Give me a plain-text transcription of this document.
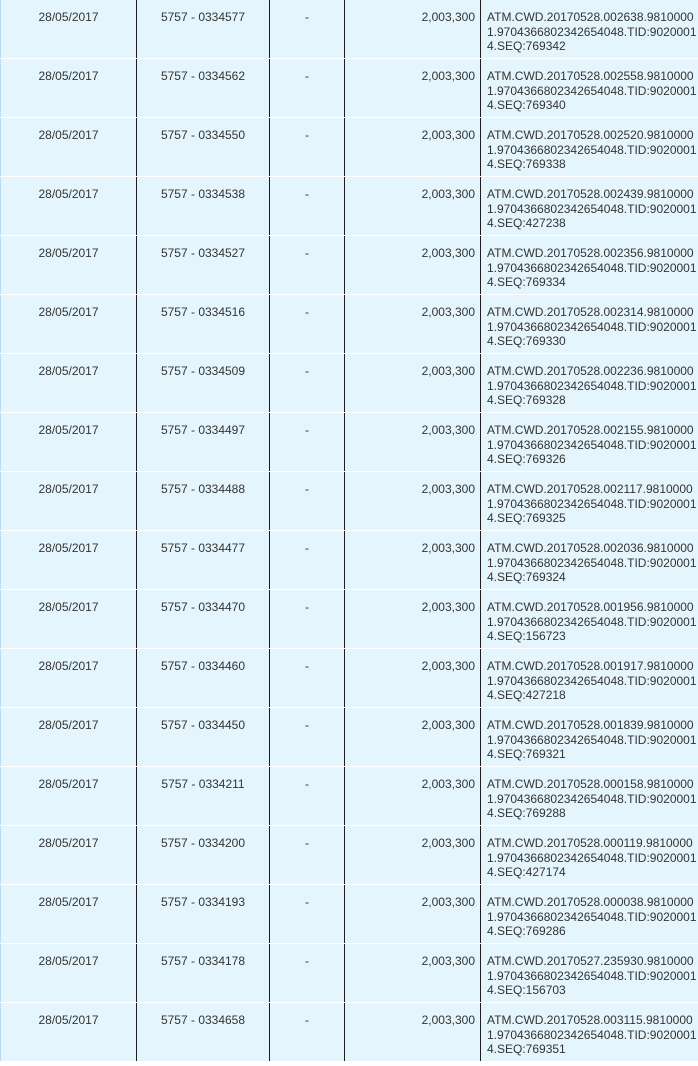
28/05/2017	5757 - 0334577	-	2,003,300	ATM.CWD.20170528.002638.98100001.9704366802342654048.TID:90200014.SEQ:769342

28/05/2017	5757 - 0334562	-	2,003,300	ATM.CWD.20170528.002558.98100001.9704366802342654048.TID:90200014.SEQ:769340

28/05/2017	5757 - 0334550	-	2,003,300	ATM.CWD.20170528.002520.98100001.9704366802342654048.TID:90200014.SEQ:769338

28/05/2017	5757 - 0334538	-	2,003,300	ATM.CWD.20170528.002439.98100001.9704366802342654048.TID:90200014.SEQ:427238

28/05/2017	5757 - 0334527	-	2,003,300	ATM.CWD.20170528.002356.98100001.9704366802342654048.TID:90200014.SEQ:769334

28/05/2017	5757 - 0334516	-	2,003,300	ATM.CWD.20170528.002314.98100001.9704366802342654048.TID:90200014.SEQ:769330

28/05/2017	5757 - 0334509	-	2,003,300	ATM.CWD.20170528.002236.98100001.9704366802342654048.TID:90200014.SEQ:769328

28/05/2017	5757 - 0334497	-	2,003,300	ATM.CWD.20170528.002155.98100001.9704366802342654048.TID:90200014.SEQ:769326

28/05/2017	5757 - 0334488	-	2,003,300	ATM.CWD.20170528.002117.98100001.9704366802342654048.TID:90200014.SEQ:769325

28/05/2017	5757 - 0334477	-	2,003,300	ATM.CWD.20170528.002036.98100001.9704366802342654048.TID:90200014.SEQ:769324

28/05/2017	5757 - 0334470	-	2,003,300	ATM.CWD.20170528.001956.98100001.9704366802342654048.TID:90200014.SEQ:156723

28/05/2017	5757 - 0334460	-	2,003,300	ATM.CWD.20170528.001917.98100001.9704366802342654048.TID:90200014.SEQ:427218

28/05/2017	5757 - 0334450	-	2,003,300	ATM.CWD.20170528.001839.98100001.9704366802342654048.TID:90200014.SEQ:769321

28/05/2017	5757 - 0334211	-	2,003,300	ATM.CWD.20170528.000158.98100001.9704366802342654048.TID:90200014.SEQ:769288

28/05/2017	5757 - 0334200	-	2,003,300	ATM.CWD.20170528.000119.98100001.9704366802342654048.TID:90200014.SEQ:427174

28/05/2017	5757 - 0334193	-	2,003,300	ATM.CWD.20170528.000038.98100001.9704366802342654048.TID:90200014.SEQ:769286

28/05/2017	5757 - 0334178	-	2,003,300	ATM.CWD.20170527.235930.98100001.9704366802342654048.TID:90200014.SEQ:156703

28/05/2017	5757 - 0334658	-	2,003,300	ATM.CWD.20170528.003115.98100001.9704366802342654048.TID:90200014.SEQ:769351
